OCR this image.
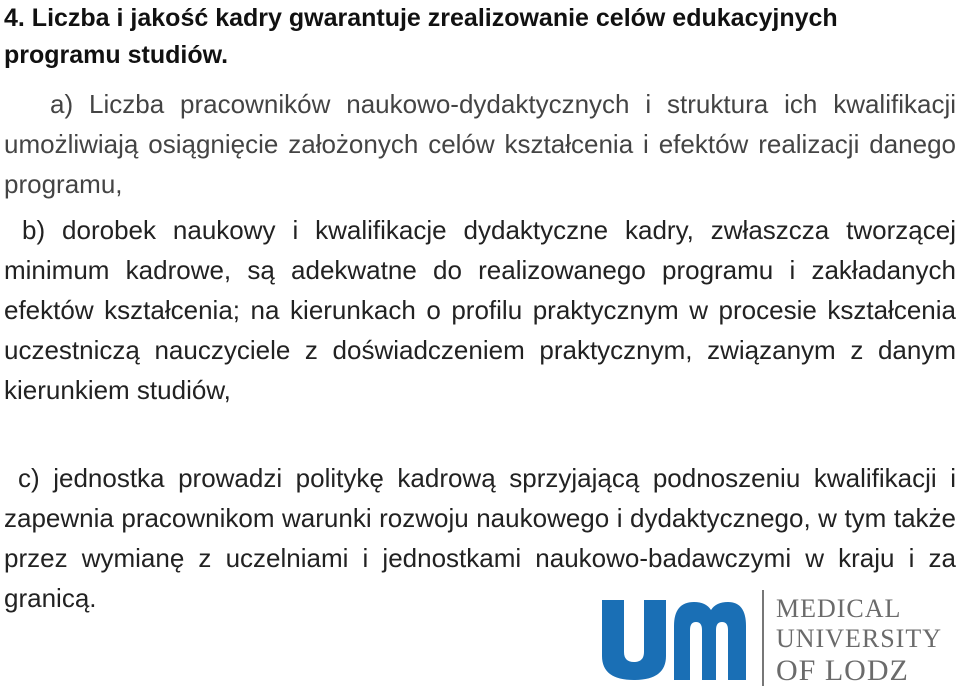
4. Liczba i jakość kadry gwarantuje zrealizowanie celów edukacyjnych programu studiów.
a) Liczba pracowników naukowo-dydaktycznych i struktura ich kwalifikacji umożliwiają osiągnięcie założonych celów kształcenia i efektów realizacji danego programu,
b) dorobek naukowy i kwalifikacje dydaktyczne kadry, zwłaszcza tworzącej minimum kadrowe, są adekwatne do realizowanego programu i zakładanych efektów kształcenia; na kierunkach o profilu praktycznym w procesie kształcenia uczestniczą nauczyciele z doświadczeniem praktycznym, związanym z danym kierunkiem studiów,
c) jednostka prowadzi politykę kadrową sprzyjającą podnoszeniu kwalifikacji i zapewnia pracownikom warunki rozwoju naukowego i dydaktycznego, w tym także przez wymianę z uczelniami i jednostkami naukowo-badawczymi w kraju i za granicą.	MEDICAL
UNIVERSITY
OF LODZ
